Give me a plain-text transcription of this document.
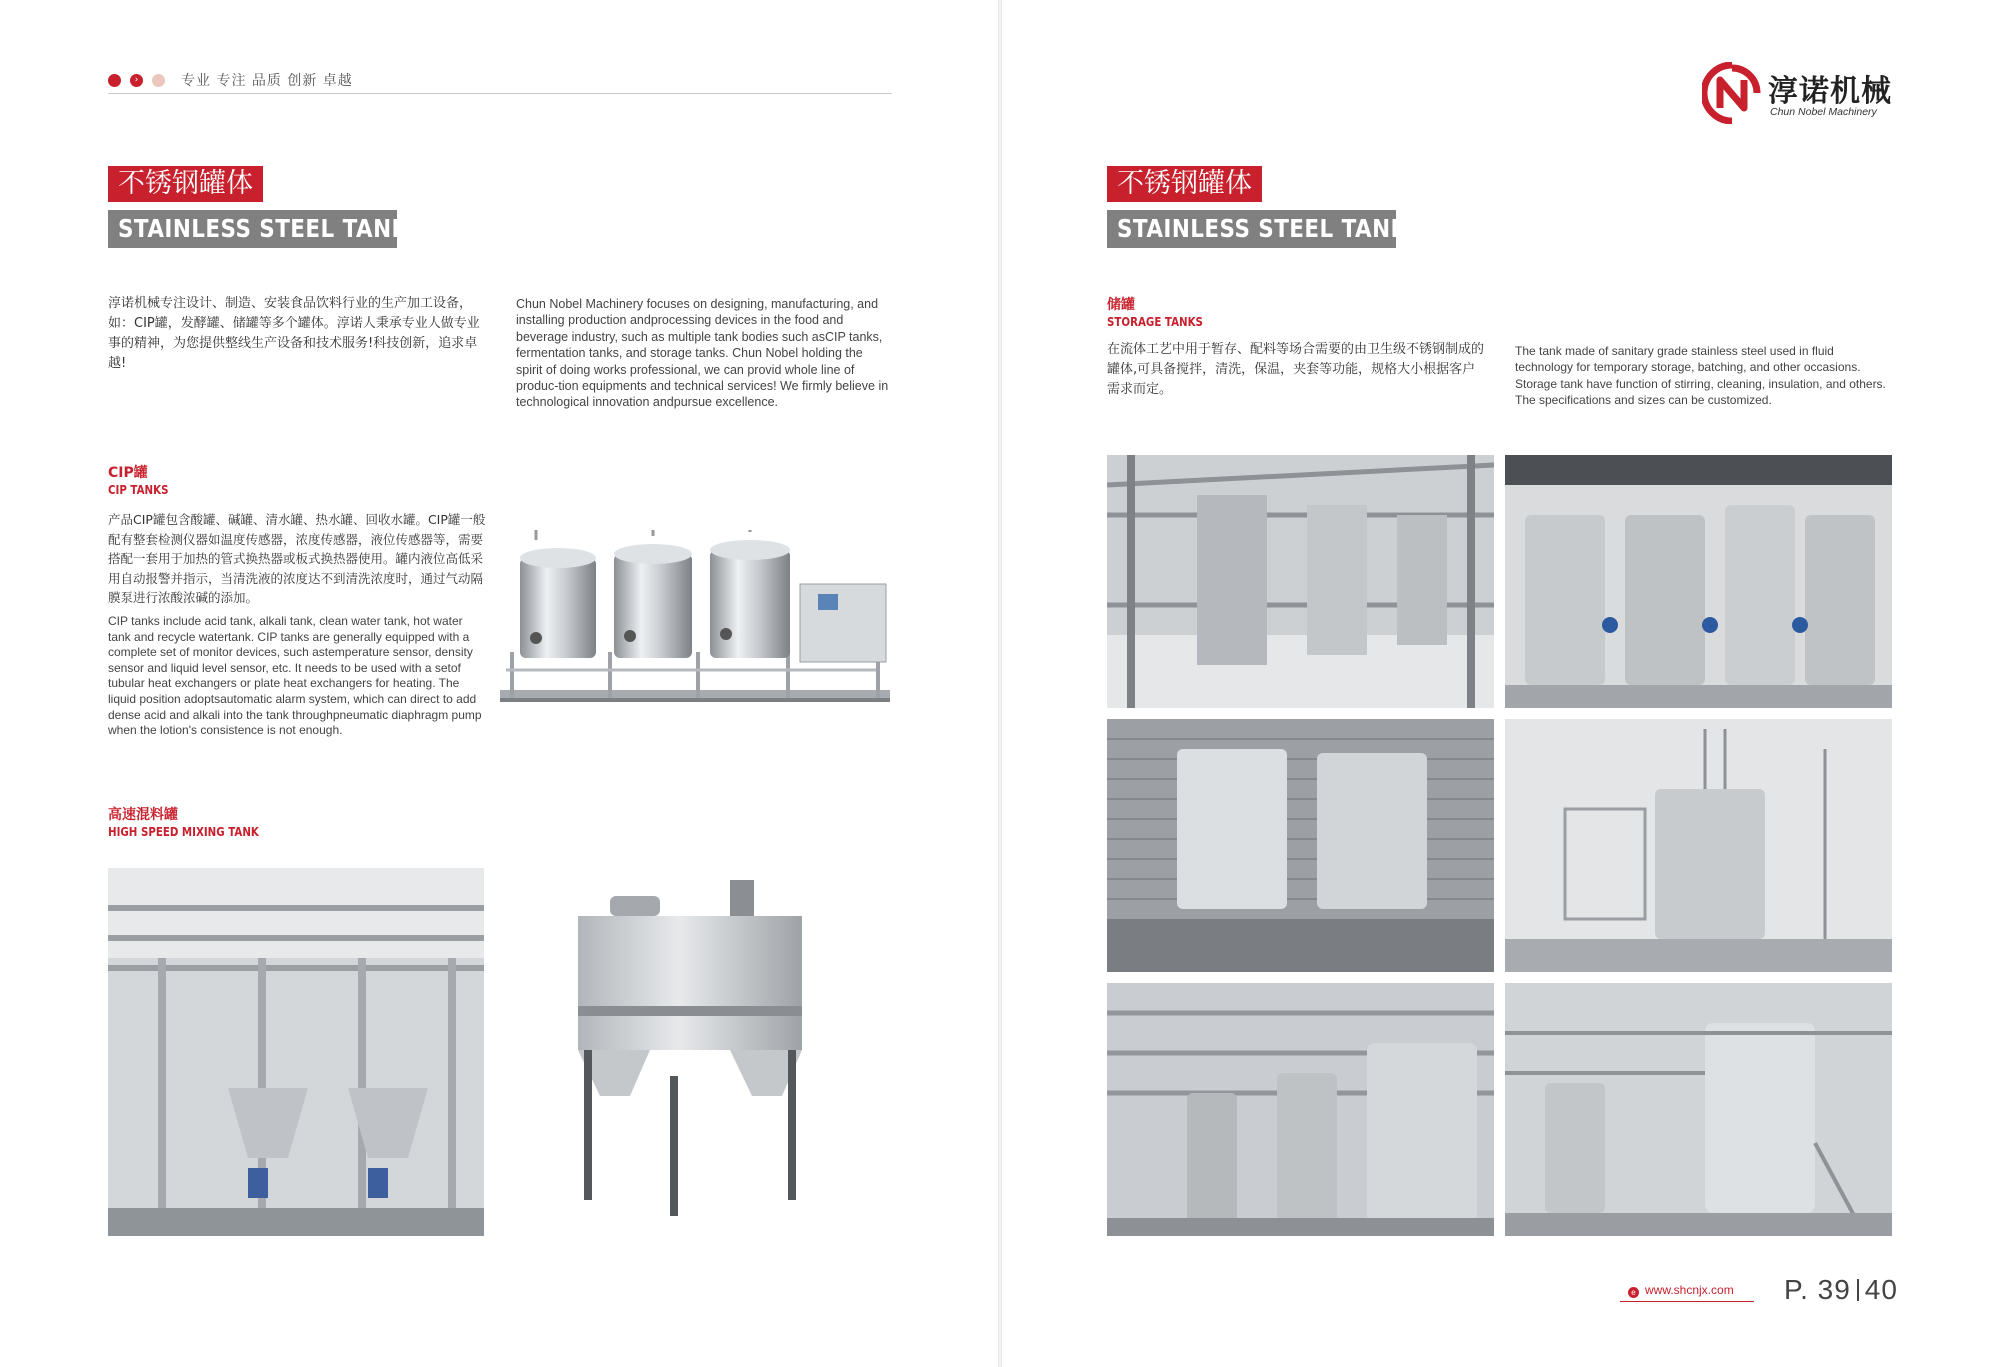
›	专业 专注 品质 创新 卓越
不锈钢罐体
STAINLESS STEEL TANK
淳诺机械专注设计、制造、安装食品饮料行业的生产加工设备，如：CIP罐，发酵罐、储罐等多个罐体。淳诺人秉承专业人做专业事的精神，为您提供整线生产设备和技术服务!科技创新，追求卓越!
Chun Nobel Machinery focuses on designing, manufacturing, and installing production andprocessing devices in the food and beverage industry, such as multiple tank bodies such asCIP tanks, fermentation tanks, and storage tanks. Chun Nobel holding the spirit of doing works professional, we can provid whole line of produc-tion equipments and technical services! We firmly believe in technological innovation andpursue excellence.
CIP罐
CIP TANKS
产品CIP罐包含酸罐、碱罐、清水罐、热水罐、回收水罐。CIP罐一般配有整套检测仪器如温度传感器，浓度传感器，液位传感器等，需要搭配一套用于加热的管式换热器或板式换热器使用。罐内液位高低采用自动报警并指示，当清洗液的浓度达不到清洗浓度时，通过气动隔膜泵进行浓酸浓碱的添加。
CIP tanks include acid tank, alkali tank, clean water tank, hot water tank and recycle watertank. CIP tanks are generally equipped with a complete set of monitor devices, such astemperature sensor, density sensor and liquid level sensor, etc. It needs to be used with a setof tubular heat exchangers or plate heat exchangers for heating. The liquid position adoptsautomatic alarm system, which can direct to add dense acid and alkali into the tank throughpneumatic diaphragm pump when the lotion's consistence is not enough.
高速混料罐
HIGH SPEED MIXING TANK
淳诺机械
Chun Nobel Machinery
不锈钢罐体
STAINLESS STEEL TANK
储罐
STORAGE TANKS
在流体工艺中用于暂存、配料等场合需要的由卫生级不锈钢制成的罐体,可具备搅拌，清洗，保温，夹套等功能，规格大小根据客户需求而定。
The tank made of sanitary grade stainless steel used in fluid technology for temporary storage, batching, and other occasions. Storage tank have function of stirring, cleaning, insulation, and others. The specifications and sizes can be customized.
e www.shcnjx.com	P. 39 40
